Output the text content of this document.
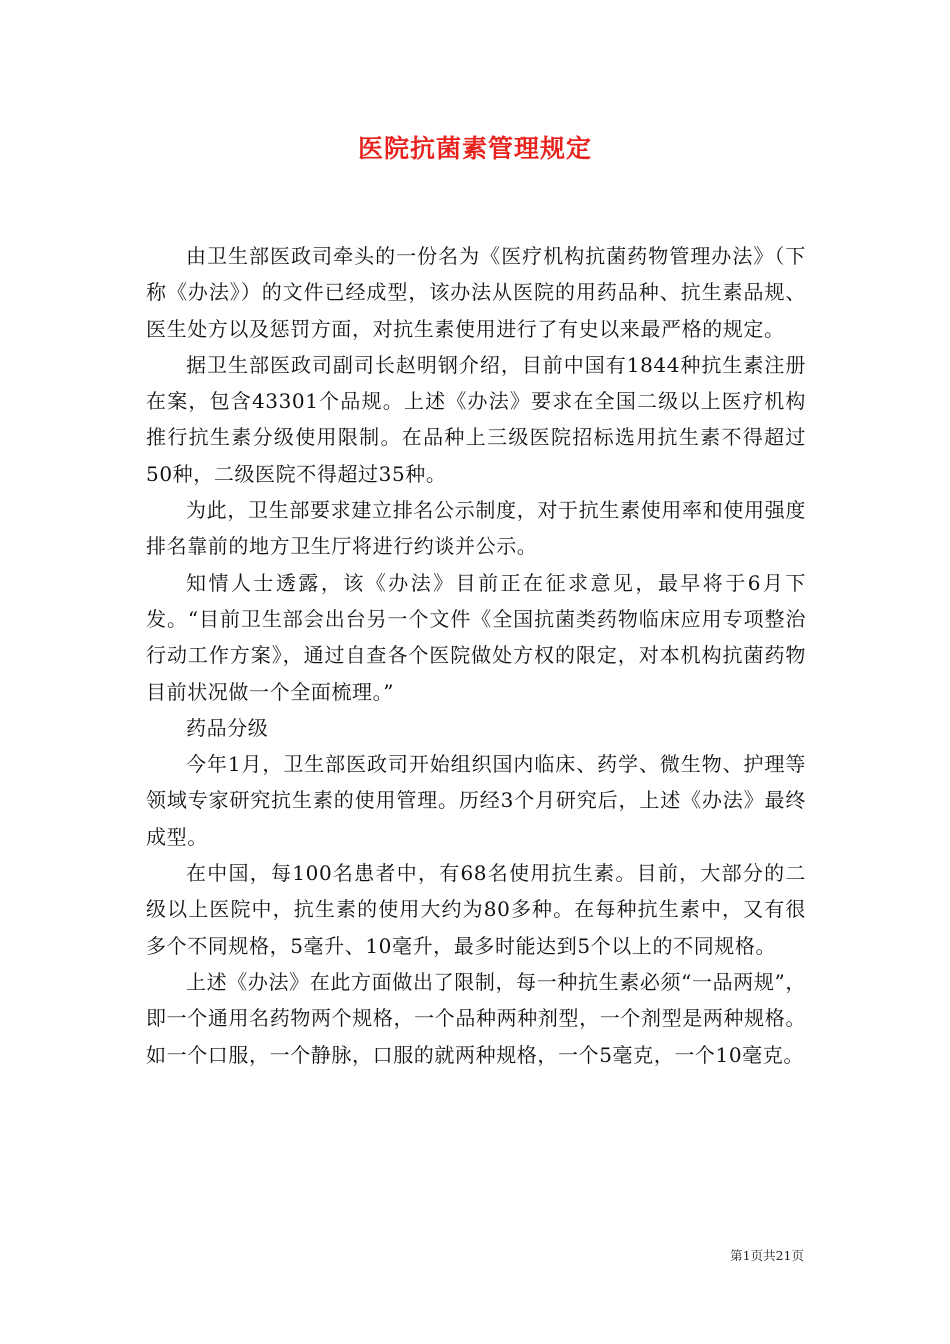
医院抗菌素管理规定

由卫生部医政司牵头的一份名为《医疗机构抗菌药物管理办法》（下称《办法》）的文件已经成型，该办法从医院的用药品种、抗生素品规、医生处方以及惩罚方面，对抗生素使用进行了有史以来最严格的规定。

据卫生部医政司副司长赵明钢介绍，目前中国有1844种抗生素注册在案，包含43301个品规。上述《办法》要求在全国二级以上医疗机构推行抗生素分级使用限制。在品种上三级医院招标选用抗生素不得超过50种，二级医院不得超过35种。

为此，卫生部要求建立排名公示制度，对于抗生素使用率和使用强度排名靠前的地方卫生厅将进行约谈并公示。

知情人士透露，该《办法》目前正在征求意见，最早将于6月下发。“目前卫生部会出台另一个文件《全国抗菌类药物临床应用专项整治行动工作方案》，通过自查各个医院做处方权的限定，对本机构抗菌药物目前状况做一个全面梳理。”

药品分级

今年1月，卫生部医政司开始组织国内临床、药学、微生物、护理等领域专家研究抗生素的使用管理。历经3个月研究后，上述《办法》最终成型。

在中国，每100名患者中，有68名使用抗生素。目前，大部分的二级以上医院中，抗生素的使用大约为80多种。在每种抗生素中，又有很多个不同规格，5毫升、10毫升，最多时能达到5个以上的不同规格。

上述《办法》在此方面做出了限制，每一种抗生素必须“一品两规”，即一个通用名药物两个规格，一个品种两种剂型，一个剂型是两种规格。如一个口服，一个静脉，口服的就两种规格，一个5毫克，一个10毫克。

第1页共21页
